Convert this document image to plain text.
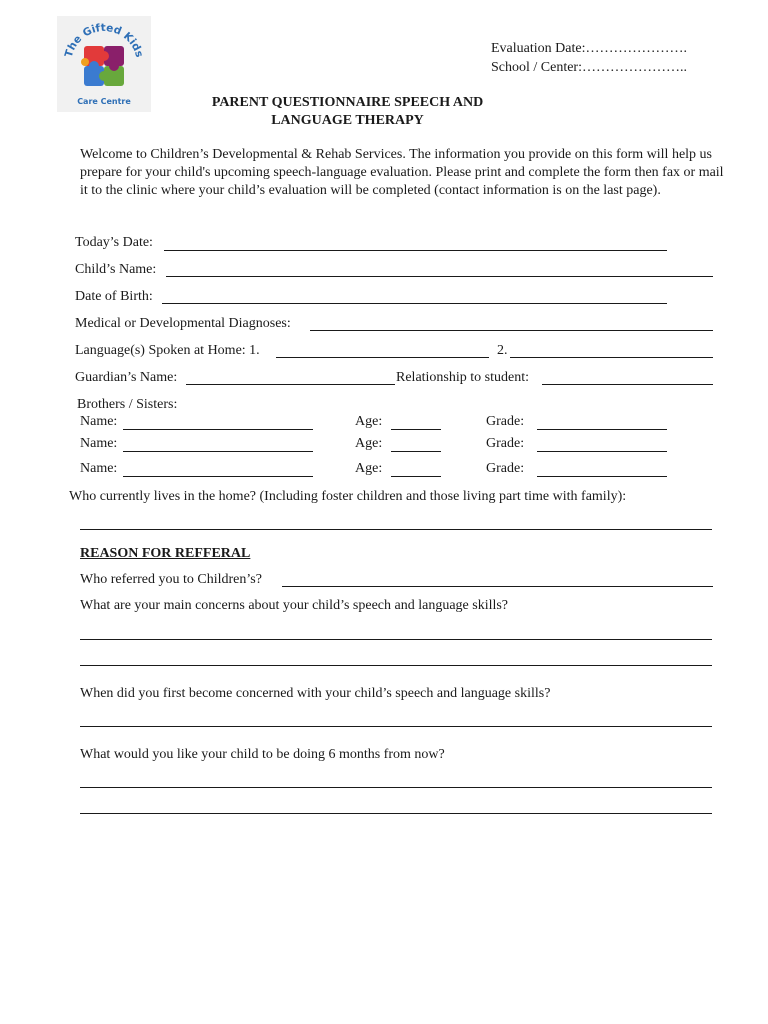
The Gifted Kids
Care Centre
Evaluation Date:………………….
School / Center:…………………..
PARENT QUESTIONNAIRE SPEECH AND
LANGUAGE THERAPY
Welcome to Children’s Developmental & Rehab Services. The information you provide on this form will help us prepare for your child's upcoming speech-language evaluation. Please print and complete the form then fax or mail it to the clinic where your child’s evaluation will be completed (contact information is on the last page).
Today’s Date:
Child’s Name:
Date of Birth:
Medical or Developmental Diagnoses:
Language(s) Spoken at Home: 1.	2.
Guardian’s Name:	Relationship to student:
Brothers / Sisters:
Name:	Age:	Grade:
Name:	Age:	Grade:
Name:	Age:	Grade:
Who currently lives in the home? (Including foster children and those living part time with family):
REASON FOR REFFERAL
Who referred you to Children’s?
What are your main concerns about your child’s speech and language skills?
When did you first become concerned with your child’s speech and language skills?
What would you like your child to be doing 6 months from now?
